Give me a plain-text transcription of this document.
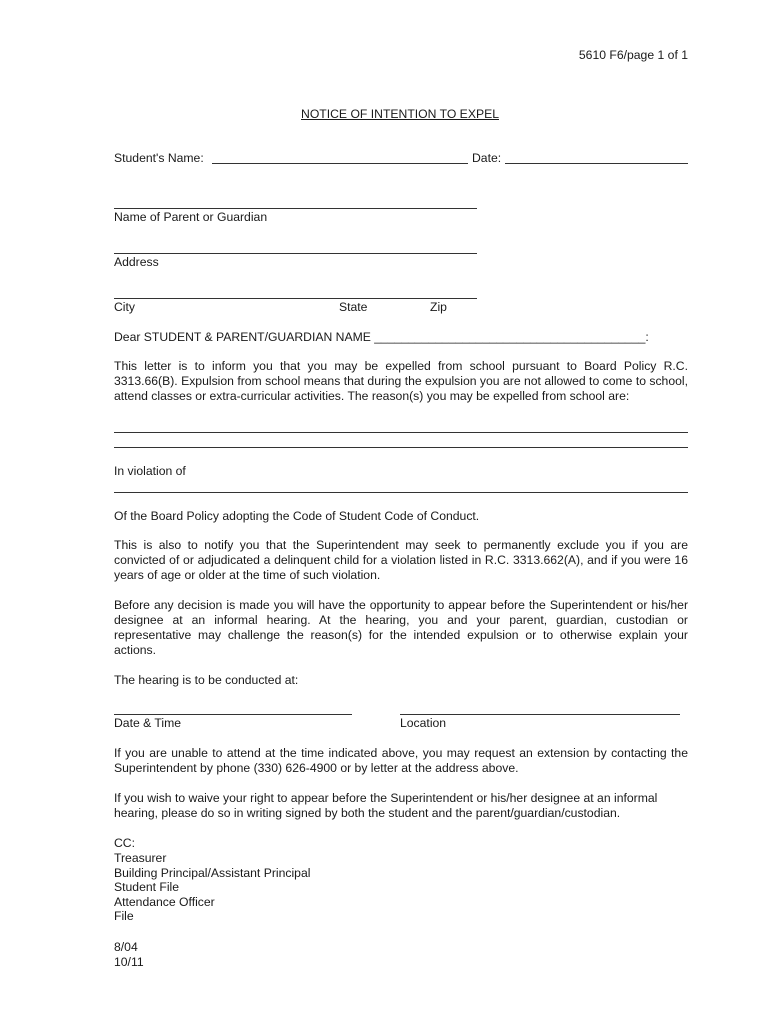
5610 F6/page 1 of 1
NOTICE OF INTENTION TO EXPEL
Student's Name:	Date:
Name of Parent or Guardian
Address
City	State	Zip
Dear STUDENT & PARENT/GUARDIAN NAME ________________________________________:
This letter is to inform you that you may be expelled from school pursuant to Board Policy R.C. 3313.66(B). Expulsion from school means that during the expulsion you are not allowed to come to school, attend classes or extra-curricular activities. The reason(s) you may be expelled from school are:
In violation of
Of the Board Policy adopting the Code of Student Code of Conduct.
This is also to notify you that the Superintendent may seek to permanently exclude you if you are convicted of or adjudicated a delinquent child for a violation listed in R.C. 3313.662(A), and if you were 16 years of age or older at the time of such violation.
Before any decision is made you will have the opportunity to appear before the Superintendent or his/her designee at an informal hearing. At the hearing, you and your parent, guardian, custodian or representative may challenge the reason(s) for the intended expulsion or to otherwise explain your actions.
The hearing is to be conducted at:
Date & Time	Location
If you are unable to attend at the time indicated above, you may request an extension by contacting the Superintendent by phone (330) 626-4900 or by letter at the address above.
If you wish to waive your right to appear before the Superintendent or his/her designee at an informal hearing, please do so in writing signed by both the student and the parent/guardian/custodian.
CC:
Treasurer
Building Principal/Assistant Principal
Student File
Attendance Officer
File
8/04
10/11
